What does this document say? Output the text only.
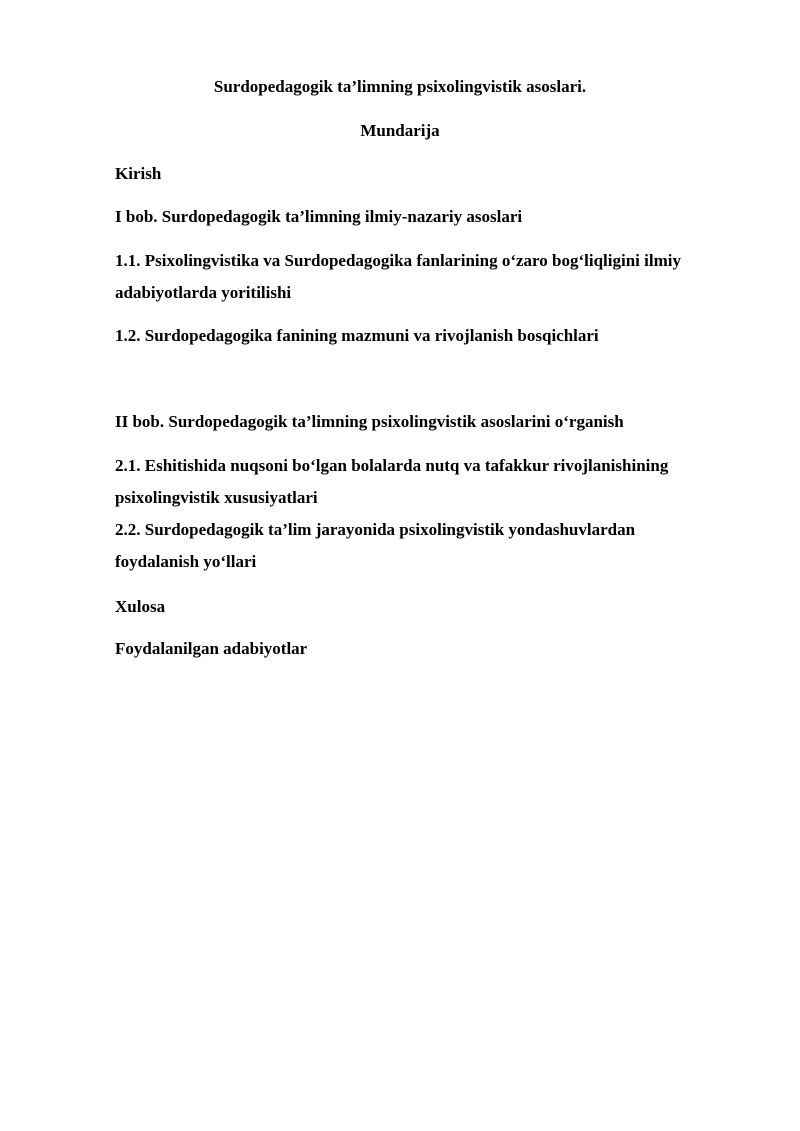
Surdopedagogik ta’limning psixolingvistik asoslari.
Mundarija
Kirish
I bob. Surdopedagogik ta’limning ilmiy-nazariy asoslari
1.1. Psixolingvistika va Surdopedagogika fanlarining o‘zaro bog‘liqligini ilmiy
adabiyotlarda yoritilishi
1.2. Surdopedagogika fanining mazmuni va rivojlanish bosqichlari
II bob. Surdopedagogik ta’limning psixolingvistik asoslarini o‘rganish
2.1. Eshitishida nuqsoni bo‘lgan bolalarda nutq va tafakkur rivojlanishining
psixolingvistik xususiyatlari
2.2. Surdopedagogik ta’lim jarayonida psixolingvistik yondashuvlardan
foydalanish yo‘llari
Xulosa
Foydalanilgan adabiyotlar
